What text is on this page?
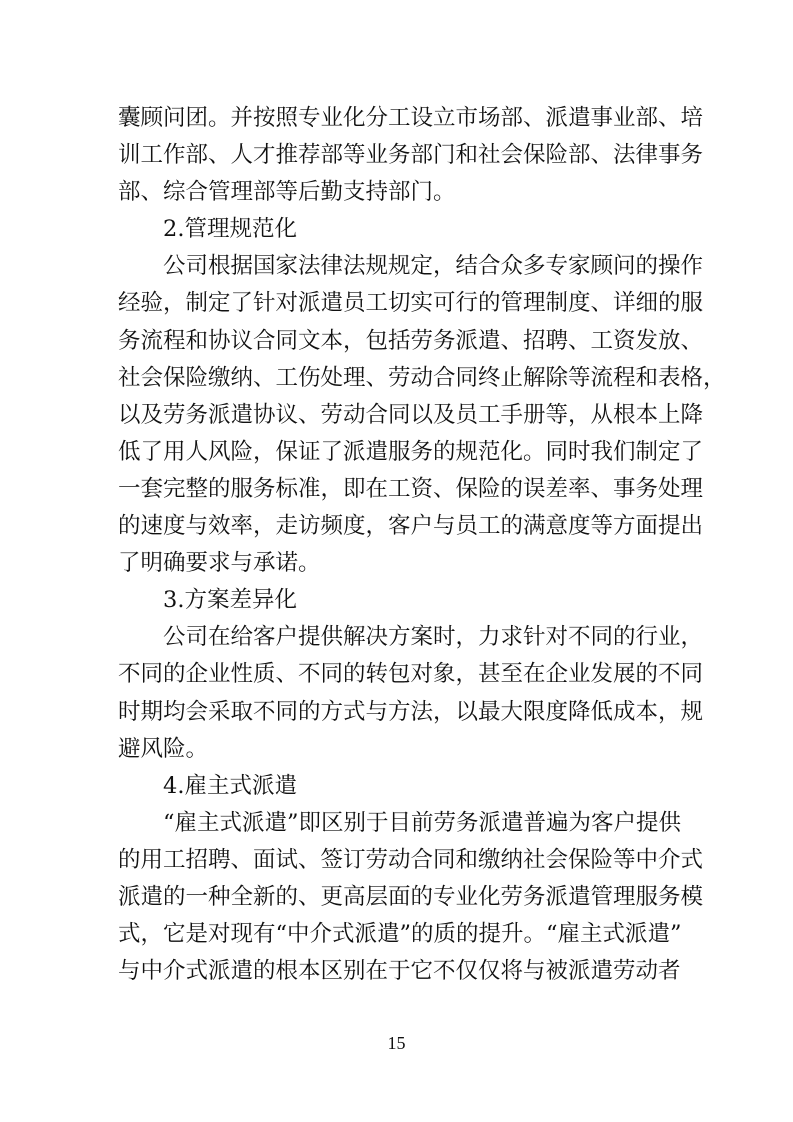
囊顾问团。并按照专业化分工设立市场部、派遣事业部、培
训工作部、人才推荐部等业务部门和社会保险部、法律事务
部、综合管理部等后勤支持部门。
2.管理规范化
公司根据国家法律法规规定，结合众多专家顾问的操作
经验，制定了针对派遣员工切实可行的管理制度、详细的服
务流程和协议合同文本，包括劳务派遣、招聘、工资发放、
社会保险缴纳、工伤处理、劳动合同终止解除等流程和表格，
以及劳务派遣协议、劳动合同以及员工手册等，从根本上降
低了用人风险，保证了派遣服务的规范化。同时我们制定了
一套完整的服务标准，即在工资、保险的误差率、事务处理
的速度与效率，走访频度，客户与员工的满意度等方面提出
了明确要求与承诺。
3.方案差异化
公司在给客户提供解决方案时，力求针对不同的行业，
不同的企业性质、不同的转包对象，甚至在企业发展的不同
时期均会采取不同的方式与方法，以最大限度降低成本，规
避风险。
4.雇主式派遣
“雇主式派遣”即区别于目前劳务派遣普遍为客户提供
的用工招聘、面试、签订劳动合同和缴纳社会保险等中介式
派遣的一种全新的、更高层面的专业化劳务派遣管理服务模
式，它是对现有“中介式派遣”的质的提升。“雇主式派遣”
与中介式派遣的根本区别在于它不仅仅将与被派遣劳动者
15
